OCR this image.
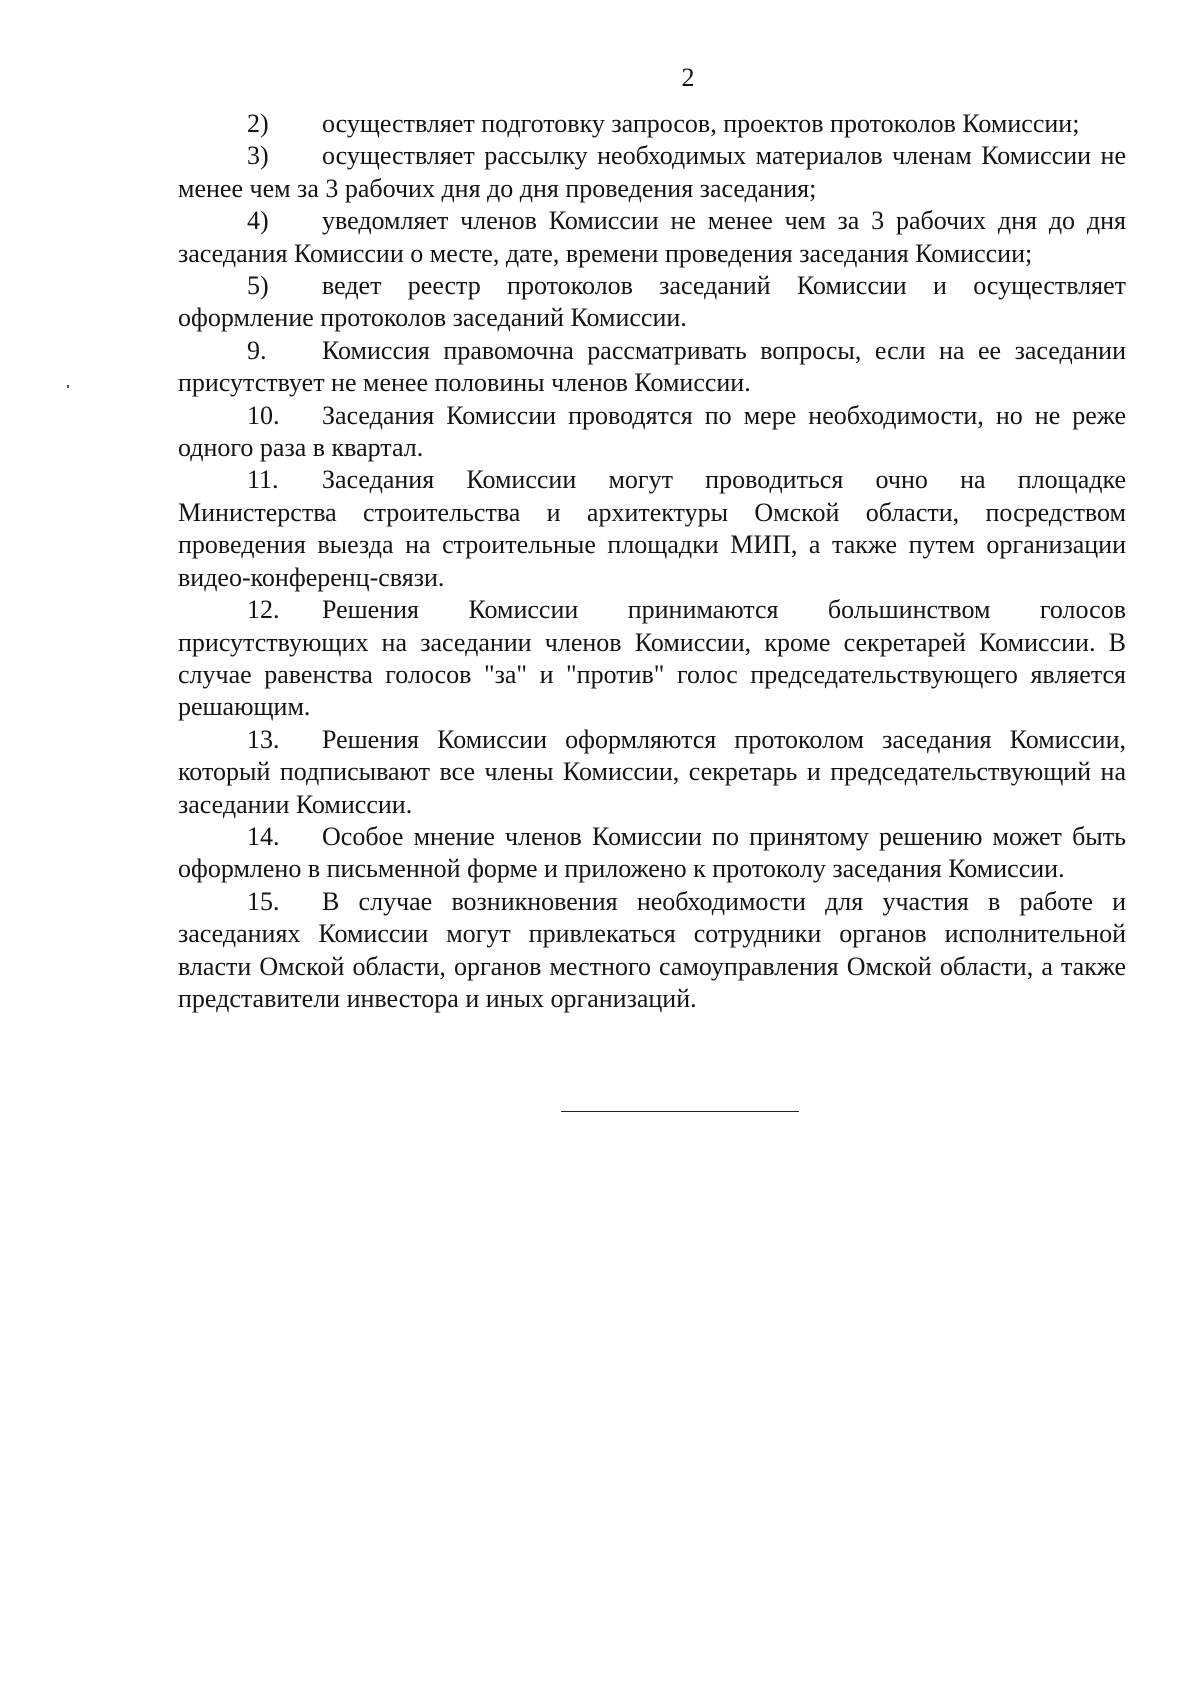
2

2) осуществляет подготовку запросов, проектов протоколов Комиссии;

3) осуществляет рассылку необходимых материалов членам Комиссии не менее чем за 3 рабочих дня до дня проведения заседания;

4) уведомляет членов Комиссии не менее чем за 3 рабочих дня до дня заседания Комиссии о месте, дате, времени проведения заседания Комиссии;

5) ведет реестр протоколов заседаний Комиссии и осуществляет оформление протоколов заседаний Комиссии.

9. Комиссия правомочна рассматривать вопросы, если на ее заседании присутствует не менее половины членов Комиссии.

10. Заседания Комиссии проводятся по мере необходимости, но не реже одного раза в квартал.

11. Заседания Комиссии могут проводиться очно на площадке Министерства строительства и архитектуры Омской области, посредством проведения выезда на строительные площадки МИП, а также путем организации видео-конференц-связи.

12. Решения Комиссии принимаются большинством голосов присутствующих на заседании членов Комиссии, кроме секретарей Комиссии. В случае равенства голосов "за" и "против" голос председательствующего является решающим.

13. Решения Комиссии оформляются протоколом заседания Комиссии, который подписывают все члены Комиссии, секретарь и председательствующий на заседании Комиссии.

14. Особое мнение членов Комиссии по принятому решению может быть оформлено в письменной форме и приложено к протоколу заседания Комиссии.

15. В случае возникновения необходимости для участия в работе и заседаниях Комиссии могут привлекаться сотрудники органов исполнительной власти Омской области, органов местного самоуправления Омской области, а также представители инвестора и иных организаций.
